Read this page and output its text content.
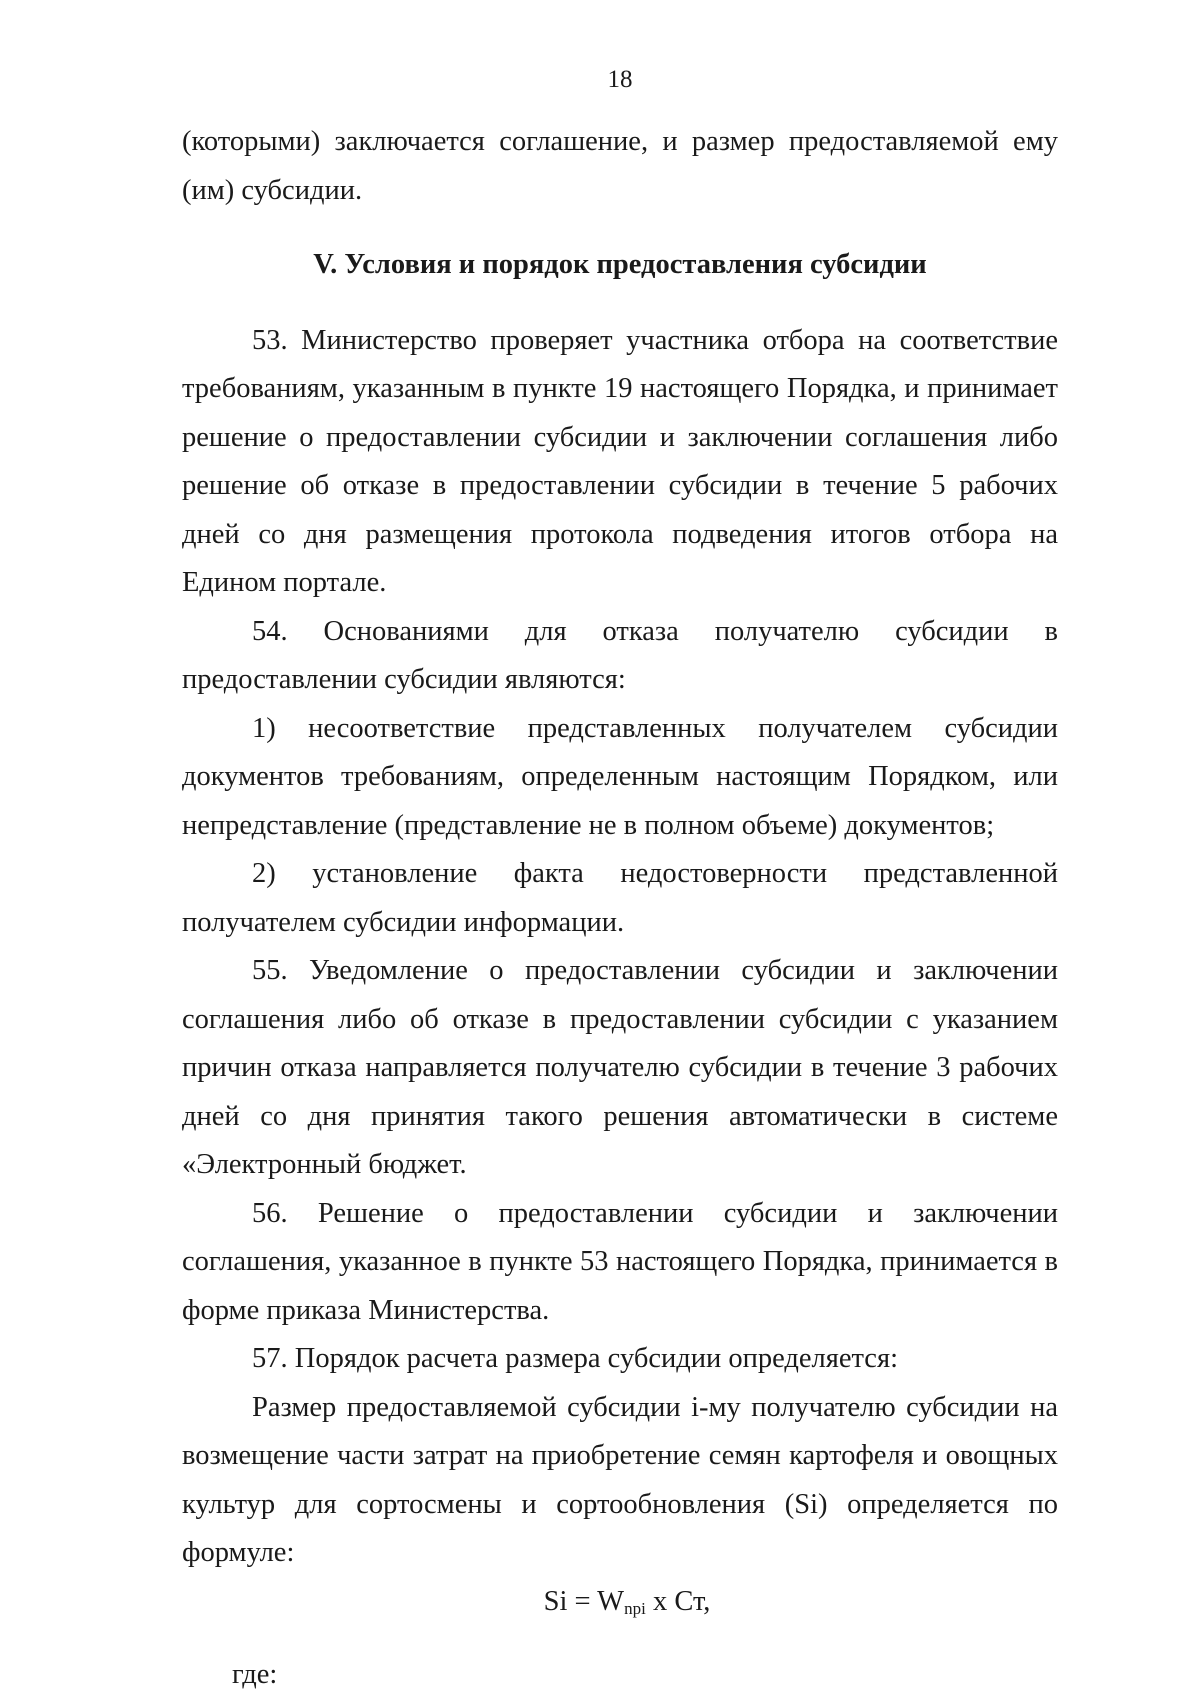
18

(которыми) заключается соглашение, и размер предоставляемой ему (им) субсидии.

V. Условия и порядок предоставления субсидии

53. Министерство проверяет участника отбора на соответствие требованиям, указанным в пункте 19 настоящего Порядка, и принимает решение о предоставлении субсидии и заключении соглашения либо решение об отказе в предоставлении субсидии в течение 5 рабочих дней со дня размещения протокола подведения итогов отбора на Едином портале.

54. Основаниями для отказа получателю субсидии в предоставлении субсидии являются:

1) несоответствие представленных получателем субсидии документов требованиям, определенным настоящим Порядком, или непредставление (представление не в полном объеме) документов;

2) установление факта недостоверности представленной получателем субсидии информации.

55. Уведомление о предоставлении субсидии и заключении соглашения либо об отказе в предоставлении субсидии с указанием причин отказа направляется получателю субсидии в течение 3 рабочих дней со дня принятия такого решения автоматически в системе «Электронный бюджет.

56. Решение о предоставлении субсидии и заключении соглашения, указанное в пункте 53 настоящего Порядка, принимается в форме приказа Министерства.

57. Порядок расчета размера субсидии определяется:

Размер предоставляемой субсидии i-му получателю субсидии на возмещение части затрат на приобретение семян картофеля и овощных культур для сортосмены и сортообновления (Si) определяется по формуле:

$Si = W_{npi}$ x Ст,

где:
